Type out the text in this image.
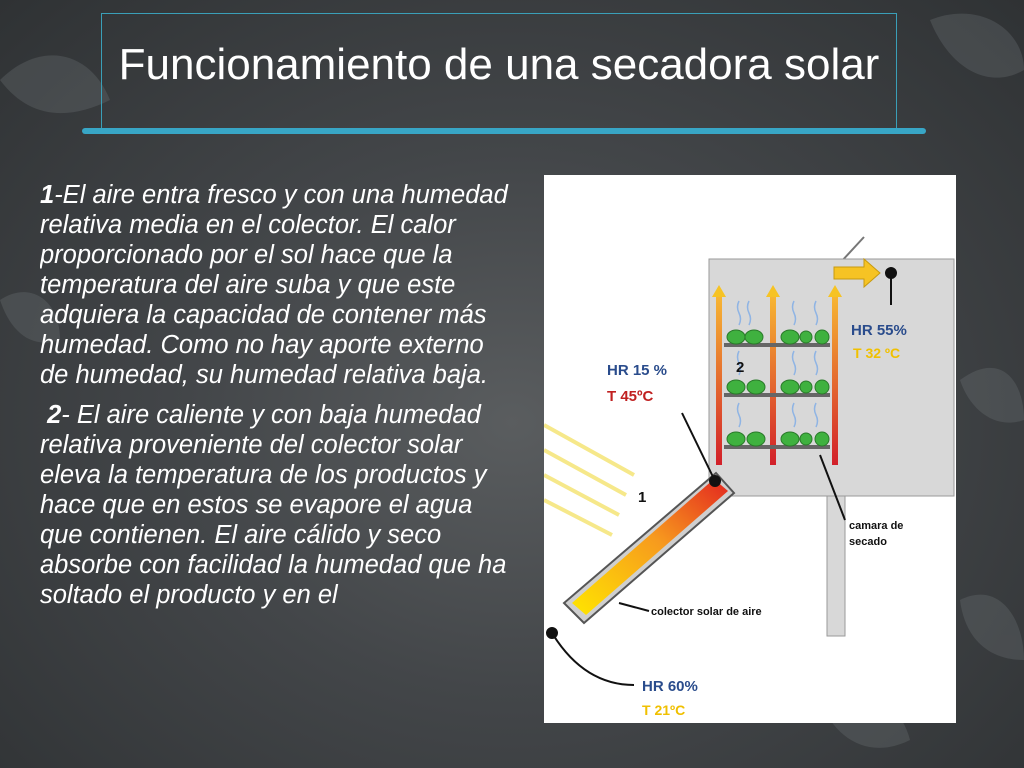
Funcionamiento de una secadora solar

1-El aire entra fresco y con una humedad relativa media en el colector. El calor proporcionado por el sol hace que la temperatura del aire suba y que este adquiera la capacidad de contener más humedad. Como no hay aporte externo de humedad, su humedad relativa baja.

2- El aire caliente y con baja humedad relativa proveniente del colector solar eleva la temperatura de los productos y hace que en estos se evapore el agua que contienen. El aire cálido y seco absorbe con facilidad la humedad que ha soltado el producto y en el

HR 55%
T 32 ºC
HR 15 %
T 45ºC
1
2
camara de
secado
colector solar de aire
HR 60%
T 21ºC
